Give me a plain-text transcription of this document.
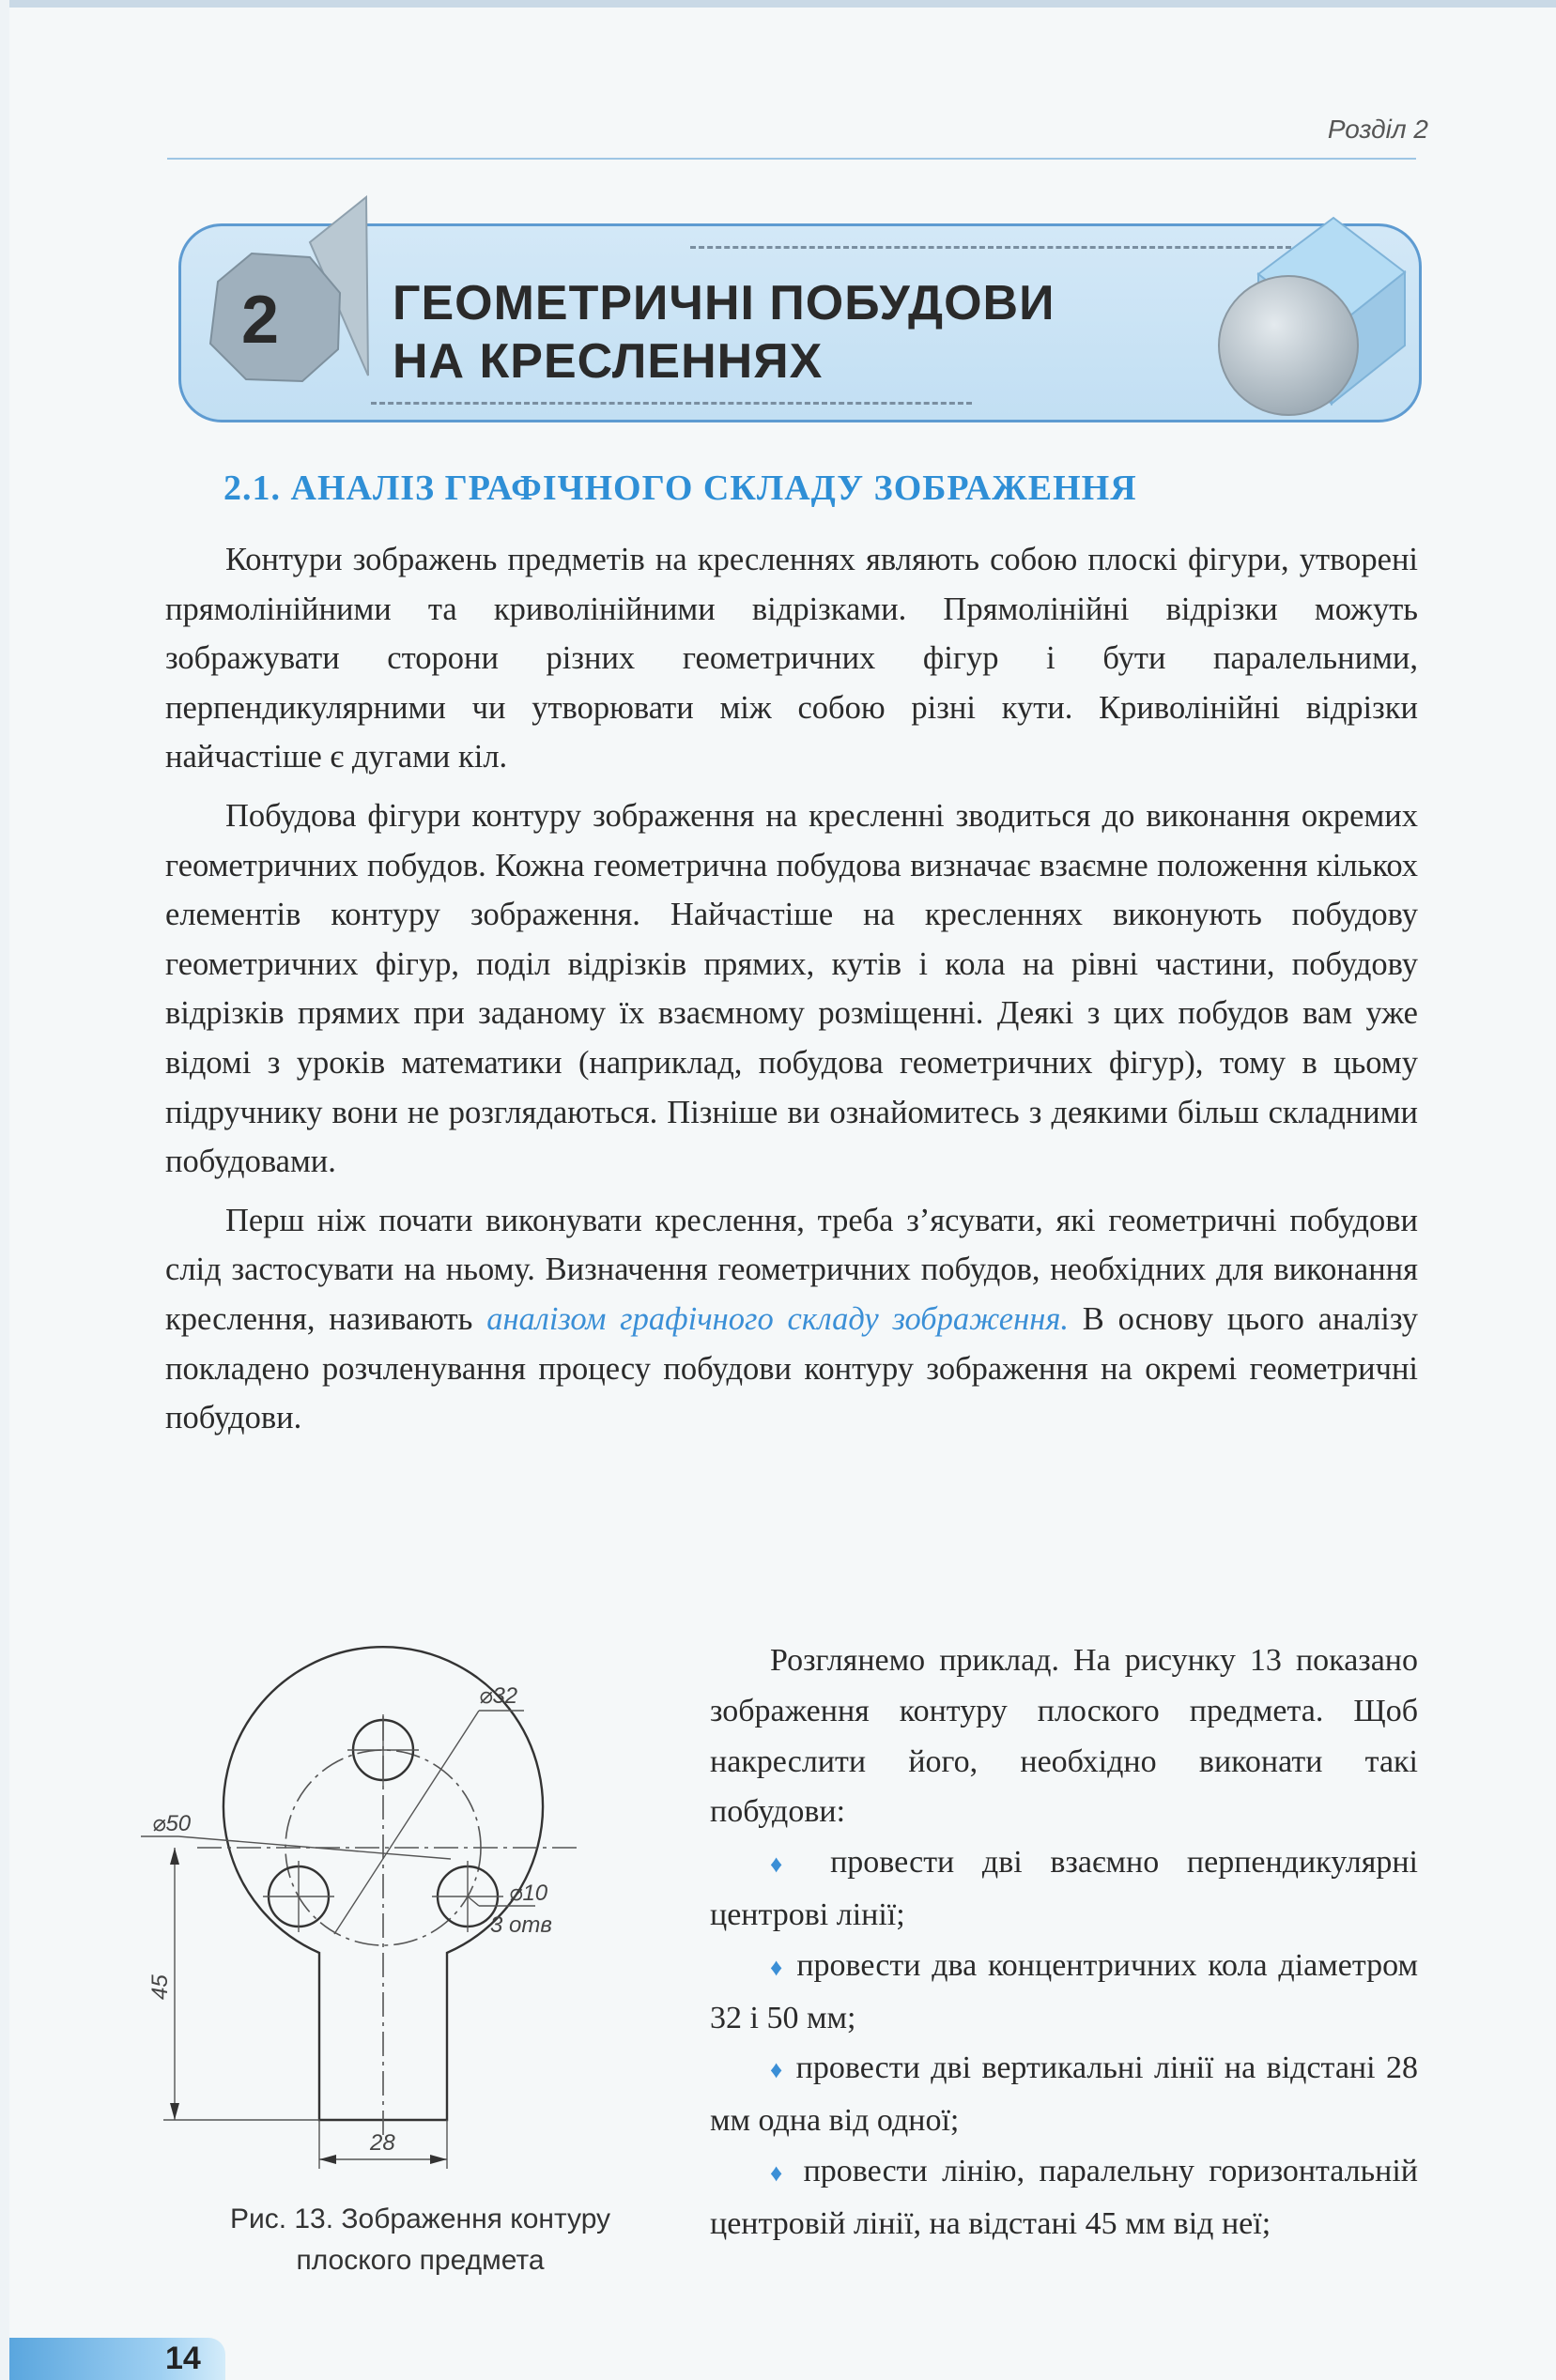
Розділ 2
2	ГЕОМЕТРИЧНІ ПОБУДОВИ
НА КРЕСЛЕННЯХ
2.1. АНАЛІЗ ГРАФІЧНОГО СКЛАДУ ЗОБРАЖЕННЯ

Контури зображень предметів на кресленнях являють собою плоскі фігури, утворені прямолінійними та криволінійними відрізками. Прямолінійні відрізки можуть зображувати сторони різних геометричних фігур і бути паралельними, перпендикулярними чи утворювати між собою різні кути. Криволінійні відрізки найчастіше є дугами кіл.

Побудова фігури контуру зображення на кресленні зводиться до виконання окремих геометричних побудов. Кожна геометрична побудова визначає взаємне положення кількох елементів контуру зображення. Найчастіше на кресленнях виконують побудову геометричних фігур, поділ відрізків прямих, кутів і кола на рівні частини, побудову відрізків прямих при заданому їх взаємному розміщенні. Деякі з цих побудов вам уже відомі з уроків математики (наприклад, побудова геометричних фігур), тому в цьому підручнику вони не розглядаються. Пізніше ви ознайомитесь з деякими більш складними побудовами.

Перш ніж почати виконувати креслення, треба з’ясувати, які геометричні побудови слід застосувати на ньому. Визначення геометричних побудов, необхідних для виконання креслення, називають аналізом графічного складу зображення. В основу цього аналізу покладено розчленування процесу побудови контуру зображення на окремі геометричні побудови.

⌀32
⌀50
⌀10
3 отв
45
28
Рис. 13. Зображення контуру
плоского предмета

Розглянемо приклад. На рисунку 13 показано зображення контуру плоского предмета. Щоб накреслити його, необхідно виконати такі побудови:

♦ провести дві взаємно перпендикулярні центрові лінії;

♦ провести два концентричних кола діаметром 32 і 50 мм;

♦ провести дві вертикальні лінії на відстані 28 мм одна від одної;

♦ провести лінію, паралельну горизонтальній центровій лінії, на відстані 45 мм від неї;

14
